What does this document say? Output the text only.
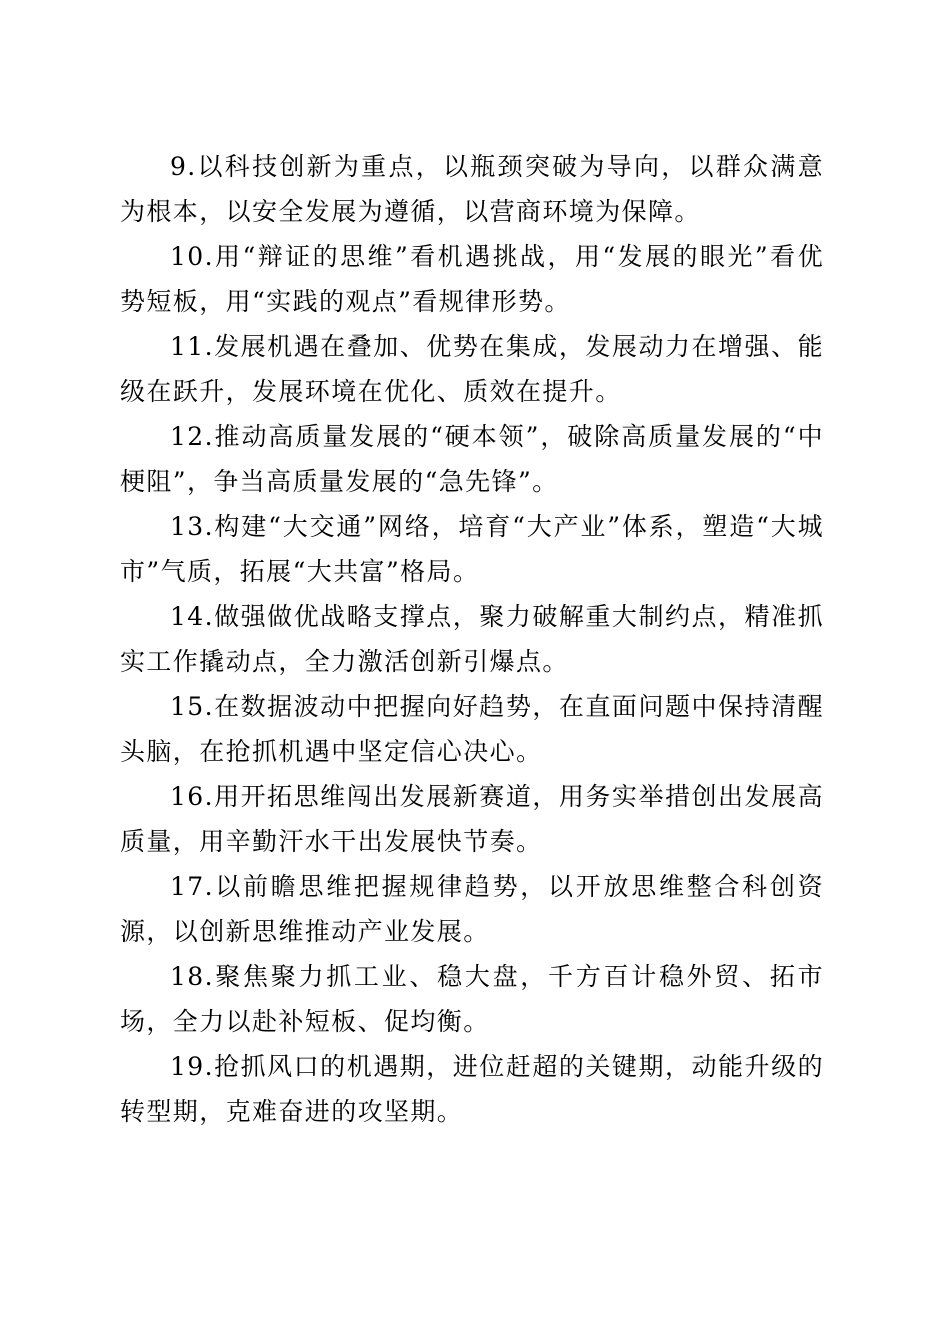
9.以科技创新为重点，以瓶颈突破为导向，以群众满意为根本，以安全发展为遵循，以营商环境为保障。

10.用“辩证的思维”看机遇挑战，用“发展的眼光”看优势短板，用“实践的观点”看规律形势。

11.发展机遇在叠加、优势在集成，发展动力在增强、能级在跃升，发展环境在优化、质效在提升。

12.推动高质量发展的“硬本领”，破除高质量发展的“中梗阻”，争当高质量发展的“急先锋”。

13.构建“大交通”网络，培育“大产业”体系，塑造“大城市”气质，拓展“大共富”格局。

14.做强做优战略支撑点，聚力破解重大制约点，精准抓实工作撬动点，全力激活创新引爆点。

15.在数据波动中把握向好趋势，在直面问题中保持清醒头脑，在抢抓机遇中坚定信心决心。

16.用开拓思维闯出发展新赛道，用务实举措创出发展高质量，用辛勤汗水干出发展快节奏。

17.以前瞻思维把握规律趋势，以开放思维整合科创资源，以创新思维推动产业发展。

18.聚焦聚力抓工业、稳大盘，千方百计稳外贸、拓市场，全力以赴补短板、促均衡。

19.抢抓风口的机遇期，进位赶超的关键期，动能升级的转型期，克难奋进的攻坚期。
